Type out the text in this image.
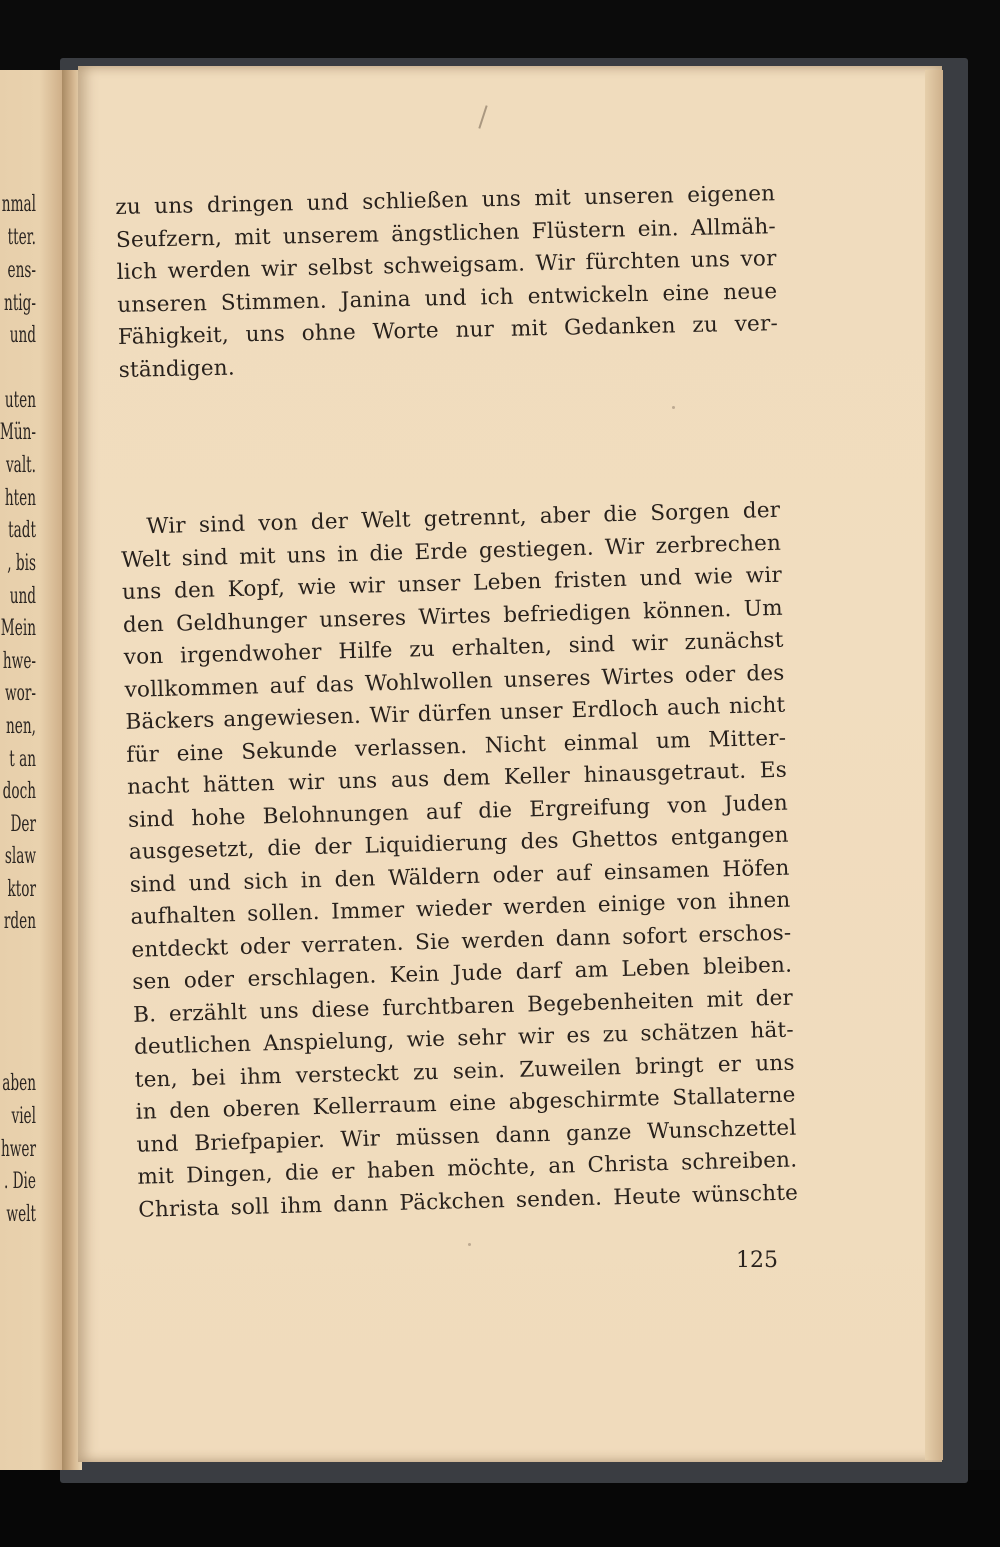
nmal
tter.
ens-
ntig-
und
uten
Mün-
valt.
hten
tadt
, bis
und
Mein
hwe-
wor-
nen,
t an
doch
Der
slaw
ktor
rden
aben
viel
hwer
. Die
welt
zu uns dringen und schließen uns mit unseren eigenen
Seufzern, mit unserem ängstlichen Flüstern ein. Allmäh-
lich werden wir selbst schweigsam. Wir fürchten uns vor
unseren Stimmen. Janina und ich entwickeln eine neue
Fähigkeit, uns ohne Worte nur mit Gedanken zu ver-
ständigen.
Wir sind von der Welt getrennt, aber die Sorgen der
Welt sind mit uns in die Erde gestiegen. Wir zerbrechen
uns den Kopf, wie wir unser Leben fristen und wie wir
den Geldhunger unseres Wirtes befriedigen können. Um
von irgendwoher Hilfe zu erhalten, sind wir zunächst
vollkommen auf das Wohlwollen unseres Wirtes oder des
Bäckers angewiesen. Wir dürfen unser Erdloch auch nicht
für eine Sekunde verlassen. Nicht einmal um Mitter-
nacht hätten wir uns aus dem Keller hinausgetraut. Es
sind hohe Belohnungen auf die Ergreifung von Juden
ausgesetzt, die der Liquidierung des Ghettos entgangen
sind und sich in den Wäldern oder auf einsamen Höfen
aufhalten sollen. Immer wieder werden einige von ihnen
entdeckt oder verraten. Sie werden dann sofort erschos-
sen oder erschlagen. Kein Jude darf am Leben bleiben.
B. erzählt uns diese furchtbaren Begebenheiten mit der
deutlichen Anspielung, wie sehr wir es zu schätzen hät-
ten, bei ihm versteckt zu sein. Zuweilen bringt er uns
in den oberen Kellerraum eine abgeschirmte Stallaterne
und Briefpapier. Wir müssen dann ganze Wunschzettel
mit Dingen, die er haben möchte, an Christa schreiben.
Christa soll ihm dann Päckchen senden. Heute wünschte
125
